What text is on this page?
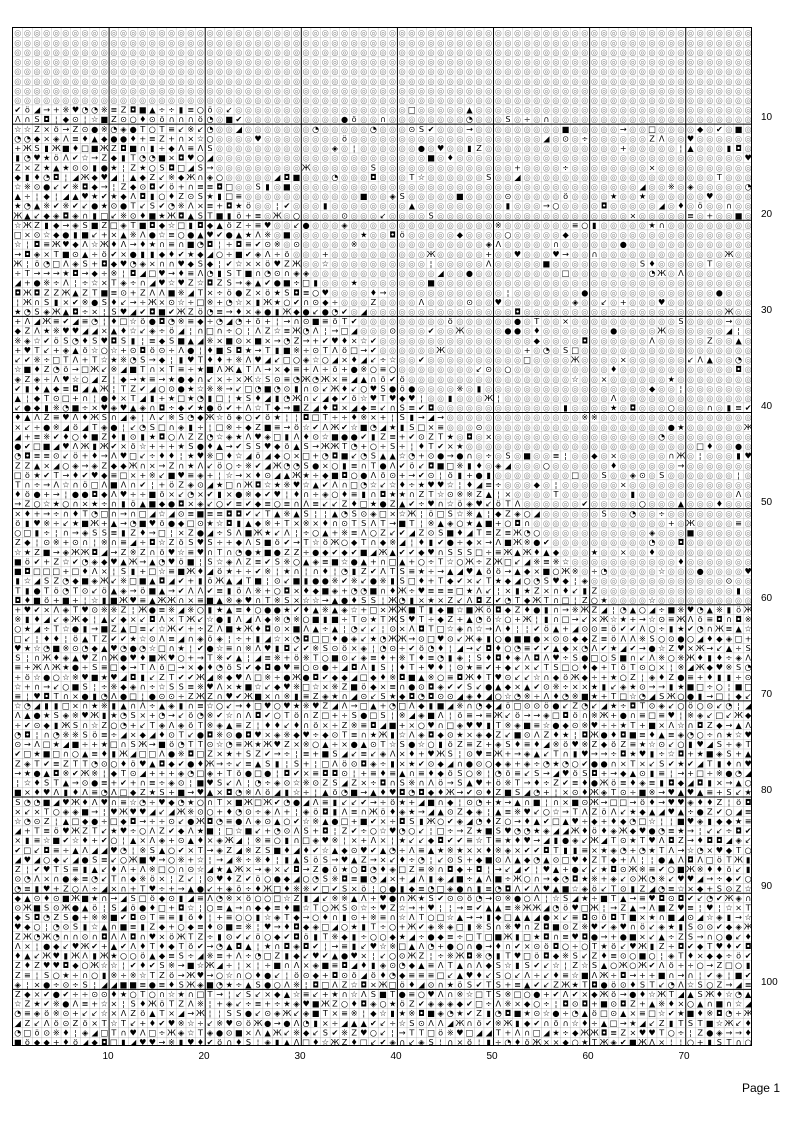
◎ ◎ ◎ ◎ ◎ ◎ ◎ ◎ ◎ ◎ ◎ ◎ ◎ ◎ ◎ ◎ ◎ ◎ ◎ ◎ ◎ ◎ ◎ ◎ ◎ ◎ ◎ ◎ ◎ ◎ ◎ ◎ ◎ ◎ ◎ ◎ ◎ ◎ ◎ ◎ ◎ ◎ ◎ ◎ ◎ ◎ ◎ ◎ ◎ ◎ ◎ ◎ ◎ ◎ ◎ ◎ ◎ ◎ ◎ ◎ ◎ ◎ ◎ ◎ ◎ ◎ ◎ ◎ ◎ ◎ ◎ ◎ ◎ ◎ ◎ ◎ ◎
◎ ◎ ◎ ◎ ◎ ◎ ◎ ◎ ◎ ◎ ◎ ◎ ◎ ◎ ◎ ◎ ◎ ◎ ◎ ◎ ◎ ◎ ◎ ◎ ◎ ◎ ◎ ◎ ◎ ◎ ◎ ◎ ◎ ◎ ◎ ◎ ◎ ◎ ◎ ◎ ◎ ◎ ◎ ◎ ◎ ◎ ◎ ◎ ◎ ◎ ◎ ◎ ◎ ◎ ◎ ◎ ◎ ◎ ◎ ◎ ◎ ◎ ◎ ◎ ◎ ◎ ◎ ◎ ◎ ◎ ◎ ◎ ◎ ◎ ◎ ◎ ◎
◎ ◎ ◎ ◎ ◎ ◎ ◎ ◎ ◎ ◎ ◎ ◎ ◎ ◎ ◎ ◎ ◎ ◎ ◎ ◎ ◎ ◎ ◎ ◎ ◎ ◎ ◎ ◎ ◎ ◎ ◎ ◎ ◎ ◎ ◎ ◎ ◎ ◎ ◎ ◎ ◎ ◎ ◎ ◎ ◎ ◎ ◎ ◎ ◎ ◎ ◎ ◎ ◎ ◎ ◎ ◎ ◎ ◎ ◎ ◎ ◎ ◎ ◎ ◎ ◎ ◎ ◎ ◎ ◎ ◎ ◎ ◎ ◎ ◎ ◎ ◎ ◎
◎ ◎ ◎ ◎ ◎ ◎ ◎ ◎ ◎ ◎ ◎ ◎ ◎ ◎ ◎ ◎ ◎ ◎ ◎ ◎ ◎ ◎ ◎ ◎ ◎ ◎ ◎ ◎ ◎ ◎ ◎ ◎ ◎ ◎ ◎ ◎ ◎ ◎ ◎ ◎ ◎ ◎ ◎ ◎ ◎ ◎ ◎ ◎ ◎ ◎ ◎ ◎ ◎ ◎ ◎ ◎ ◎ ◎ ◎ ◎ ◎ ◎ ◎ ◎ ◎ ◎ ◎ ◎ ◎ ◎ ◎ ◎ ◎ ◎ ◎ ◎ ◎
◎ ◎ ◎ ◎ ◎ ◎ ◎ ◎ ◎ ◎ ◎ ◎ ◎ ◎ ◎ ◎ ◎ ◎ ◎ ◎ ◎ ◎ ◎ ◎ ◎ ◎ ◎ ◎ ◎ ◎ ◎ ◎ ◎ ◎ ◎ ◎ ◎ ◎ ◎ ◎ ◎ ◎ ◎ ◎ ◎ ◎ ◎ ◎ ◎ ◎ ◎ ◎ ◎ ◎ ◎ ◎ ◎ ◎ ◎ ◎ ◎ ◎ ◎ ◎ ◎ ◎ ◎ ◎ ◎ ◎ ◎ ◎ ◎ ◎ ◎ ◎ ◎
◎ ◎ ◎ ◎ ◎ ◎ ◎ ◎ ◎ ◎ ◎ ◎ ◎ ◎ ◎ ◎ ◎ ◎ ◎ ◎ ◎ ◎ ◎ ◎ ◎ ◎ ◎ ◎ ◎ ◎ ◎ ◎ ◎ ◎ ◎ ◎ ◎ ◎ ◎ ◎ ◎ ◎ ◎ ◎ ◎ ◎ ◎ ◎ ◎ ◎ ◎ ◎ ◎ ◎ ◎ ◎ ◎ ◎ ◎ ◎ ◎ ◎ ◎ ◎ ◎ ◎ ◎ ◎ ◎ ◎ ◎ ◎ ◎ ◎ ◎ ◎ ◎
◎ ◎ ◎ ◎ ◎ ◎ ◎ ◎ ◎ ◎ ◎ ◎ ◎ ◎ ◎ ◎ ◎ ◎ ◎ ◎ ◎ ◎ ◎ ◎ ◎ ◎ ◎ ◎ ◎ ◎ ◎ ◎ ◎ ◎ ◎ ◎ ◎ ◎ ◎ ◎ ◎ ◎ ◎ ◎ ◎ ◎ ◎ ◎ ◎ ◎ ◎ ◎ ◎ ◎ ◎ ◎ ◎ ◎ ◎ ◎ ◎ ◎ ◎ ◎ ◎ ◎ ◎ ◎ ◎ ◎ ◎ ◎ ◎ ◎ ◎ ◎ ◎
◎ ◎ ◎ ◎ ◎ ◎ ◎ ◎ ◎ ◎ ◎ ◎ ◎ ◎ ◎ ◎ ◎ ◎ ◎ ◎ ◎ ◎ ◎ ◎ ◎ ◎ ◎ ◎ ◎ ◎ ◎ ◎ ◎ ◎ ◎ ◎ ◎ ◎ ◎ ◎ ◎ ◎ ◎ ◎ ◎ ◎ ◎ ◎ ◎ ◎ ◎ ◎ ◎ ◎ ◎ ◎ ◎ ◎ ◎ ◎ ◎ ◎ ◎ ◎ ◎ ◎ ◎ ◎ ◎ ◎ ◎ ◎ ◎ ◎ ◎ ◎ ◎
✔ ö ◢ → + ※ ♥ ◔ ◔ ※ ≡ Z ◘ ■ ▲ ÷ ÷ ▮ ≡ ○ ö ◎ ↙ ◎ ◎ ◎ ◎ ◎ ◎ ◎ ◎ ◎ ◎ ◎ ◎ ◎ ◎ ◎ ◎ ◎ ◎ □ ◎ ◎ ◎ ◎ ◎ ▲ ◎ ◎ ◎ ◎ ◎ ◎ ◎ ◎ ◎ ◎ ◎ ◎ ◎ ◎ ◎ ◎ ◎ ◎ ◎ ◎ ◎ ◎ ◎ ◎ ◎ ◎ ◎ ◎ ◎
Λ ∩ S ◘ ¦ ◆ ⊙ ¦ ☆ ■ Z ⊙ ○ ♦ ⊙ ö ∩ ∩ ∩ ö ◔ ◎ ■ ✔ ◎ ◎ ◎ ◎ ◎ ◎ ◎ ◎ ◎ ◎ ● ö ◎ ◎ ∩ ◎ ◎ ◎ ◎ ◎ ◎ ◎ ◎ ◔ ◎ ◎ ◎ S ◎ ÷ ◎ ∩ ◎ ◎ ◎ ◎ ◎ ◎ ◎ ◎ ◎ ◎ ◎ ◎ ◎ ◎ ◎ ◎ ◎ ◎ ◎ ◎ ◎
☆ ☆ Z × ö → Z ⊙ ● ※ ◔ ◈ ● T ○ T ≡ ↙ ※ ↙ ◔ ◎ ◎ ◢ ◎ ◎ ◎ ◎ ◎ ◎ ◎ ◔ ◎ ◎ ◎ ◎ ◎ ◔ ◎ ◎ ◎ ⊙ S ✔ ◎ ◎ ◎ → ◎ ◎ ◎ ◎ ◎ ◎ ◎ ◎ ◎ ■ ◎ ◎ ◎ ◎ ◎ → ◎ ◎ □ ◎ ◎ ◎ ◎ ◆ ◎ ✔ ◎ ■ ◎
◔ ◔ ◆ × ◈ Λ ≡ ♦ ▲ ◆ ● ● ♦ + ≡ Z + ∩ × ☆ ○ ◎ ◎ ◎ ◎ ♥ ◎ ◎ ◎ ◎ ◎ ◎ ◎ ◎ ö ◎ ◎ ◎ ◎ ◎ ◎ ◎ ◎ ◎ ◎ ◎ ◎ ◎ ◎ ◎ ◎ ◎ ◎ ◎ ◎ ◢ ◎ ⊙ ◎ ÷ ◎ ◎ ◎ ◎ ◎ ◎ Z Λ ◎ ◎ ♥ ◎ ◎ ◎ ◎ ◎ ◎
+ Ж S ▮ Ж ■ ♦ □ ■ Ж Z ◘ ■ ∩ ▮ ÷ ◆ Λ ≡ Λ S ◎ ◎ ◎ ◎ ◎ ◎ ◎ ◎ ◎ ◎ ◎ ◎ ◈ ◎ ¦ ◎ ◎ ◎ ◎ ◎ ◎ ● ◎ ♥ ◎ ◎ ▮ Z ◎ ◎ ◎ ◎ ◎ ◎ ◎ ◎ ◎ ◎ ◎ ◎ ◎ ◎ + ◎ ◎ ◎ ◎ ◎ ¦ ▲ ◎ ◎ ◎ ▮ ◘ ◎
▮ ◔ ♥ ★ ö Λ ✔ ☆ → Z ◆ ▮ T ◔ ◔ ■ × ◘ ♥ ○ ◢ ◎ ◎ ◎ ◎ ◎ ◎ ◎ ◎ ◎ ◎ ◎ ◎ ◎ ◎ ◎ ◎ ◎ ◎ ◎ ◎ ◎ ◎ ■ ◎ ♦ ◎ ◎ ◎ ◎ ◎ ◎ ◎ ◎ ◎ ◎ ◎ ◎ ◎ ◎ ◎ ◎ ◎ ◎ ◎ ◎ ◎ ◎ ◎ ◎ ◎ ◎ ◎ ◎ ◎ ◎ ♥
Z × Z ★ ▲ ★ ⊙ ⊙ ▮ ● ★ ¦ Z ★ ○ S ◘ □ ◢ S → ◎ ◎ ◎ ◎ ◎ ◎ ◎ ◎ ◎ Ж ◎ ◎ ◎ ◎ ◎ ◎ S ◎ ◎ ◎ ◎ ◎ ◎ ◎ ◎ ◎ ◎ ◎ ◎ ◎ ◎ + ◎ ◎ ◎ ◎ ÷ ◎ ◎ ◎ ◎ ◎ ◎ ◎ ◎ × ◎ ◎ ◎ ◎ ◎ ◎ ◎ ◎ ◎ ◎
◆ ▮ ♦ ◔ ◘ ¦ ◢ Ж ◆ ♥ ◢ ¦ ▲ ◆ Z ↙ ※ ◆ Ж ∩ ◈ ○ ◎ ◎ ◎ ◎ ◎ ◢ ◘ ■ ◎ ◎ ◎ ◔ ◎ ◎ ◎ ◘ ◎ ◎ ◎ T ☆ ◎ ◎ ◎ ◎ ◎ ◎ S ◎ ◎ ◢ ◎ ◎ ◎ ◎ ◎ ◎ ◎ ◎ ◎ ◎ ◎ ◎ ◎ ◎ ◎ ◎ ◎ ◎ ◎ ◎ T ◎ ◎ ◎
☆ ※ ⊙ ● ↙ ✔ ※ ◘ ◆ → ¦ Z ◆ ⊙ ◘ ✔ ö + ∩ ≡ ≡ ◘ □ ◎ ◎ S ▮ ◎ ■ ◎ ◎ ◎ ◎ ◎ ◎ ◎ ◎ ◎ ◎ ◎ ◎ ◎ ◎ ◎ ◎ ◎ ◎ ◎ ◎ ◎ ◎ ◎ ◎ ◎ ◎ ◎ ◎ ◎ ◎ ◎ ◎ ◎ ◎ ◎ ◎ ◢ ◎ ◎ ※ ◎ ◈ ◎ ◎ ◎ ◎ ◎ ◔
▲ ÷ ¦ ◆ ¦ ◢ ▲ ♥ ★ ✔ ★ ◆ Λ ◘ ▮ ○ ♦ Z ⊙ S ★ ▮ □ ≡ ◎ ◎ ◎ ◎ ◎ ◎ ◎ ◎ ◎ ◎ ◎ ◎ ■ ◎ ◎ ◈ S ◎ ◎ ◎ ◎ ◎ ■ ◎ ◎ ◎ ◎ ⊙ ◎ ◎ ◎ ◎ ◎ ö ◎ ◎ ◎ ◎ ★ ◎ ◎ ★ ◎ ◎ ◎ ◎ ◎ ◎ ♥ ◎ ◎ ◎ ◎
★ ◔ ▲ ※ ✔ ※ ✔ ↙ ● ★ ⊙ ● T ↙ S ✔ ◔ ※ Λ × ≡ + ◘ ★ ö ◎ ◎ ¦ ✔ ◎ ◎ ◎ ▮ ◎ ◎ ◎ ◎ ◎ ◎ ◎ ◎ ▲ ◎ ◎ ◎ ◎ ◎ ◎ ◎ ◎ ◎ ▮ ◎ ◎ ◎ → ○ ◎ ◎ ◎ ◎ ◘ ◎ ◎ ◎ ◎ ◎ ◢ ◎ ♦ ◎ ö ◎ ◎ ∩ ◎ ◎
Ж ▲ ↙ ◆ ◈ ◘ ◈ ∩ ▮ □ ↙ ※ ⊙ ♦ ■ ★ Ж ◘ ▲ S T ■ ▮ ö + ≡ ◎ Ж ◎ ○ ◎ ◎ ◎ ◎ ⊙ ◎ ◎ ◎ ↙ ◎ ◎ ◎ ◎ S ◎ ◎ ◎ ◎ ◎ ◎ ◎ ◎ ◎ ◎ ◎ ◎ ◎ ◎ ◎ ◎ ◎ ◎ ◎ ◎ × ◎ ◎ ◎ ◎ ◎ ≡ ◎ + ◎ ◎ ■ ◎
☆ Ж Z ▮ ◆ → ◈ S ■ Z □ ◈ T ■ ◘ ◆ ☆ □ ▮ ◘ ◆ ▲ ö Z ÷ ≡ ♥ ◎ ◎ ↙ ● ◎ ◎ ◎ ◈ ◎ ◎ ◎ ◎ ◎ ◎ ◎ ◎ ◎ ◎ ◎ ◎ ◎ ◎ ◎ ※ ◎ ◎ ◎ ◎ ◎ ◎ ◎ ≡ ○ ▮ ◎ ◎ ◎ ◎ ◎ ★ ∩ ◎ ◎ ◎ ◎ ◎ ◎ ◎ ◎ ◎
□ × ⊙ ☆ ◆ ● ▮ ■ ↙ + × ▲ ※ Λ ● ☆ ≡ ○ ● ▲ ♥ ✔ ● ▲ ★ Λ ※ ◎ ■ ◎ ◎ ◎ ◎ ◎ ◎ ◎ ★ ◎ ◎ ◘ ö ◎ ◎ ◎ ◎ ◎ ◆ ◎ ◎ ◎ ◎ ○ ◎ ◎ ◎ ◎ ◎ ◆ ◎ ◎ ◎ ◎ ◎ ◎ ◎ ◎ ◎ ◎ ◎ ◎ ◎ ◎ ◎ ◎ ◎ ◎ ◎
☆ ¦ ◘ ≡ Ж ♥ ◆ Λ ☆ Ж ♦ Λ → ♦ ★ ∩ ≡ ∩ ■ ◔ ◘ ¦ ÷ ◘ ≡ ✔ ⊙ ※ ◎ ⊙ ◎ ◎ ◎ ◎ ◎ ※ ◎ ◎ ◎ ◎ ◎ ◎ ◎ ◎ ◎ ◎ ◎ ◎ ◎ ◈ Λ ◎ ◎ ◎ ◎ ◎ ∩ ◎ ◎ ◎ ◎ ◎ ◎ ● ◎ ◎ ◎ ◎ ◎ ◎ ◎ ◎ ◎ ◎ ◎ ◎ ◎
→ ◘ ◈ × T ■ ⊙ ▲ ÷ ö ✔ × ● ▮ ▮ ◆ ♦ ✔ ★ ◆ ◢ ○ ÷ ■ ✔ ◈ Λ ÷ ö ◎ ◎ ◎ + ◎ ◎ ◎ ◎ ◎ ◎ ◎ ◎ ◎ ◎ Ж ◎ ◎ ◎ ◎ ◎ + ◎ ◎ ♥ ◎ ◎ ◎ ♥ → ◎ ◎ ∩ ◎ ◎ ◎ ◎ ◎ ◎ ◎ ◎ ◎ ◎ ◎ ◎ ◎ Ж ◎ ◎
Ж ¦ ö ◔ □ Λ ◈ S + ◘ ◆ ♥ ◔ ◈ × ∩ ∩ ♥ ◆ S ◆ ¦ ✔ ☆ × × ö ♥ Z Ж ◎ ◎ ☆ ◎ ◎ ◎ ◎ ◎ ◎ ◎ ◎ ◎ ◎ ¦ ◎ ◎ ◎ ◎ ◎ Λ ◎ ◎ ◎ ◎ ◎ ■ ◎ ◎ ◎ ◎ ◎ ◎ ◎ ◎ ◎ S ♦ ◎ ◎ ◎ ◎ ◎ T ◎ ◎ ◎ ◎
÷ T → → → ★ ◘ → ◆ ÷ ※ ¦ ◘ ◢ □ ♥ → ♦ ≡ Λ ◔ ▮ S T ■ ∩ ◔ ⊙ ∩ ◈ ◈ ◎ ◎ ◎ ◎ ◎ ◎ ◎ ◎ ◎ ◎ ◎ ◎ ◎ ◢ ◎ ◎ ● ◎ ◎ ◎ ◎ ◎ ◎ ◎ ◎ ◎ □ ◎ ◎ ◎ ◎ ◎ ◎ ◎ ◎ ◔ Ж ◎ Λ ◎ ◎ ◎ ◎ ◎ ◎ ◎
◢ + ● ※ ÷ Λ ¦ ÷ ☆ × T ◈ ÷ ∩ ◢ ♥ ☆ ♥ Z ☆ ◘ Z S → ◈ ▲ ✔ ● ■ ÷ □ ▮ ◎ ◎ ◎ ★ ◎ ◎ ◎ ◎ ◎ ◎ ◎ ■ ◎ ◎ ◎ ◎ ◎ ◎ ◎ ◎ ◎ ◎ ◎ ◎ ◎ ◎ ◎ ◎ ◎ ◎ ◎ ◎ ◎ ◎ ◎ ◎ ◎ ◎ ◎ ◎ ◎ ◎ ◎ ◎ ◎
◘ Ж ◘ Z Z Ж ▲ Z T ■ ≡ ⊙ + Z Λ Λ ■ ※ ◢ T × ÷ ö ● Z × ö ★ S ◘ ≡ ○ ♥ ◎ ◎ ◎ ◎ ♦ → ◎ ◎ ◎ ◎ ◎ ◎ ◎ ◎ ◎ ◎ ◎ ◎ ¦ ◎ ◎ ◎ ◎ ◎ ◎ ◎ ● ◎ ◎ ◎ ◎ ◎ ◎ ◎ ◎ ◎ ◎ ◎ ◎ ◎ ● ◎ ◎ ◎
¦ Ж ∩ S ▮ × ✔ ※ ● S ♦ ↙ → ÷ Ж × ⊙ ☆ ÷ □ ※ + ◔ ☆ × ▮ Ж ★ ○ ✔ ∩ ⊙ ◆ ÷ ◎ ◎ ◎ Z ◎ ◎ ◎ ◎ Λ ◎ ◎ ◎ ◎ ⊙ ◎ ◎ ♥ ◎ ◎ ◎ ◎ ◎ ◎ ◎ ◈ ◎ ◎ ↙ ◎ + ◎ ◎ ◎ ♥ ◎ ◎ ◎ ◎ ◎ ◎ ◎ ◎ ◎
★ ◔ S ◈ Ж ▲ ◘ ÷ × ¦ S ♥ ◢ ✔ ◘ ■ ✔ Ж Z ö ◔ ≡ → ♦ × ◈ ● ▮ Ж ◆ ● ↙ ● ◔ ✔ ◎ ◢ ◎ ◎ ◎ ◎ ◎ ◎ ◎ ◎ ◎ ◎ ◎ ◎ ◎ ◎ ◎ ◘ ◎ ◎ ◎ ◎ ◎ ◎ ◎ ◎ ◎ ◎ ◎ ◎ ◎ ◎ ◎ ◎ ◎ ◎ ◎ ◎ ◎ Ж ◎ ◎
+ Λ ◢ Ж ≡ ✔ ◢ ≡ ◔ ¦ ♦ □ ☆ ö ● ◘ ◔ ※ ≡ ◆ ÷ ◔ ◢ ◔ + ö + ¦ → ∩ ⊙ ■ ≡ ö T ✔ ◎ ◎ ◎ ◎ ◎ ◎ ◎ ◎ ◎ ö ◎ ◎ ◎ ◎ ◎ ◎ ● ◎ T ◎ ◎ × ◎ ◎ ◎ ◎ ◎ ◎ ◎ ◎ ◎ ◎ ◎ S ◎ ◎ ◎ ◎ → ◎ ◎
◆ Z Λ ★ ※ ♥ ♥ ◢ ◢ × ▲ ♦ ☆ ↙ ◈ ÷ ö ◢ ¦ ∩ □ ∩ ÷ ○ ¦ Λ Z ☆ ≡ Ж ◔ Λ ¦ → □ ◢ ◎ ◎ ◎ ⊙ ◎ ◎ ◎ ✔ ◎ ◎ Ж ◎ ◎ ◎ ◎ ● ● ◎ ♦ ◎ ◎ ◎ ◎ ◎ ◎ ◎ ● ◎ ◎ ◎ ◎ Ж ◎ ◎ ◎ ◎ ◎ ◎ ◢ ¦ ◎
※ ◈ ☆ ✔ ö S ◔ ♦ S ♥ ◘ S ▮ ¦ ≡ ◆ S ■ ▲ ◢ ※ × ■ ⊙ × ■ × → ◔ Z → + ✔ ♥ ♦ × ☆ ✔ ◎ ◎ ◎ ◎ ◎ ◎ ◎ ◎ ◎ ◎ ◎ ◎ ◎ ◎ ◎ ◎ ◆ ◎ ◎ ◎ ◎ ◘ ◎ ◎ ◎ ◎ ◎ ◎ Λ ◎ ◎ ◎ ◎ ◎ Z ◎ ◎ ▲ ◎
+ ♥ T ↙ + ◈ ▲ ö ☆ ○ ☆ + ⊙ ◘ ö ⊙ ÷ Λ ● ¦ ♦ ■ S ◘ ★ → T ▮ ■ ※ ÷ ⊙ T Λ ö □ → ✔ ◎ ◎ ◎ ◎ ◎ ◎ Ж ◎ ◎ ◎ ◎ ◎ ◎ ◎ ◎ + ◎ ◔ ◎ S □ ◎ ◎ ◎ ◎ ◎ ◎ ◎ ◎ ◎ ◎ ◎ ◎ ◎ ◎ ◎ ◎ ◎ ◎
↙ ✔ ※ ÷ □ T Λ + T ☆ ★ ※ ◔ S → ◆ ¦ ▮ ♥ T ♦ ♦ + ※ Λ ♥ ◢ ↙ □ ○ ◈ ☆ ○ ◢ × ♦ ◢ ↙ ÷ ☆ ◎ ◎ ✔ ◎ ◎ ◎ ◎ ◎ ◎ ◎ ◎ ◎ ◎ □ ◎ ◎ ◎ ◎ Ж ◎ ◎ ◎ ◎ × ◎ ◎ ◎ ◎ ◎ ◎ ↙ Λ ▲ ◎ ◎ ◔ ◎
☆ ■ ♦ Z ◔ ö → □ Ж ↙ ※ ◢ ■ T ∩ × T ≡ ÷ ★ ■ Λ Ж ▲ T Λ → × ◆ ≡ + Λ ÷ ö + ● ※ ○ ≡ ○ ◎ ◎ ◎ ◎ ◎ ◎ ◎ ◎ ↙ ⊙ ◎ ○ ◎ ◎ ◎ ◎ ◎ ◎ ◎ ◎ ◎ ◎ ♦ ◎ ◎ ◎ ◎ ◎ ◎ ◎ ◎ ◎ ◎ ◎ ◎ ◘ ◎
◈ Z ◈ ÷ Λ ♥ ☆ ○ ◢ Z ¦ ◆ → ★ ≡ → ★ ● ◆ ∩ ↙ × ÷ × Ж ☆ S ⊙ ≡ ◔ Ж ◔ Ж × ≡ ◢ ▲ ∩ ö ✔ ö ◎ ◎ ◎ ◎ ◎ ◎ ◎ ◎ ◎ ◎ ◎ ◎ ◎ ◎ ◎ ◎ ◎ ☆ ◎ ◎ × ◎ ◎ ◎ ◎ ◎ ◎ ★ ◎ ◎ ◎ ◎ ◎ ◎ ◎ ◎
✔ ▮ ♦ ▲ ◆ ≡ ◘ ◢ ▲ Ж ¦ T Z ✔ ◢ ○ ⊙ ● ★ ☆ ※ ※ → ↙ □ ◔ ■ ◔ ⊙ ▮ ∩ ⊙ ↙ Ж ♦ ↙ ○ ♥ S ● ö ● ◎ ◎ ◎ ◎ ※ ◎ ▮ ◎ ◎ ◎ ◎ ◎ ◎ ◎ ◎ ◎ ◎ ◎ ◎ ◎ ◎ ◎ ◎ ◎ ◆ ◎ ◎ ¦ ◎ ◎ ◎ ◎ ◎ ◎ ◎
▲ ¦ ◆ T ⊙ □ + ∩ ¦ ● ♦ × T ◢ ▮ + ★ □ ★ ◔ ▮ □ ¦ ★ S ♦ ◢ ▮ ◔ Ж ∩ ↙ ◢ ◆ ✔ ö ☆ ♥ T ♥ ◆ ♥ ¦ ◎ ◎ ▮ ◎ ◎ ◎ Ж ¦ ◎ ◎ ◎ ◎ ◎ ◎ ◎ ◎ ◎ ◎ ◎ Λ ◎ ◎ ◎ ◎ ◎ ◎ ◎ ◎ ◎ ◎ ◎ ◎ ◎ ◎
↙ ● ◆ ▮ ※ ◔ ■ ÷ × ♥ ◈ ♥ ▲ ◈ ∩ ◘ ÷ ◆ ✔ ★ ● ö ✔ + Λ ☆ T ◆ → ■ Z ◢ ♦ ◘ × ◢ ◆ ≡ ↙ ∩ S ≡ ✔ ◘ ◎ ◎ ◎ ◎ ◎ ◎ ◎ ◎ ◎ ◎ ◎ ◎ ◎ ▮ ◎ ◎ ◎ ◎ ★ ◎ ◘ ◎ ◎ ◎ ○ ◎ ◎ ◎ ∩ ◎ ▮ ≡ ✔
♦ ▲ Λ Z ≡ ♥ Λ ♦ Ж S ∩ ◢ ◈ ¦ Λ ↙ ※ S ◔ ◆ Ж ☆ ö ◈ ○ ✔ ö ★ ¦ ¦ ◘ □ T ÷ ÷ ♦ ※ × + ¦ S ▮ → ◢ → ◎ ◎ ◎ ◎ ◎ ◎ ◎ ◎ ◎ ◎ ◎ ◎ ◎ ◎ ※ ※ ◎ ◎ ◎ ◎ ◎ ◎ ◎ ◎ ◎ ◎ ◎ ◎ ◎ ◎ ◎ ◎
× ↙ ÷ ● ※ ◢ ö ◢ T ◈ ● ¦ ↙ ◔ S □ ∩ ◈ ▮ ÷ ¦ □ ※ ÷ ◆ Z ■ ≡ → ö ☆ ✔ Λ Ж ✔ ☆ ■ ◔ ◢ ★ ▮ S □ × ≡ ◎ ◎ ◎ ⊙ ◎ ◎ ◎ ◎ ◎ ◎ ◎ ◎ ◎ ◎ ◎ ◎ ◎ ◎ ◎ ◎ ◎ ◎ ◎ ● ★ ◎ ◎ ◎ ◎ ◎ ◎ Ж
◢ + ≡ ※ ✔ ♦ ○ ♦ ■ Z ♦ ▮ ⊙ ▮ ★ ◘ ○ Λ Z Z ◔ ☆ ◈ ★ Λ ♥ ◈ □ ▮ Λ ♦ ⊙ ☆ ■ ● ● ✔ ▮ Z ≡ + ✔ ⊙ Z T ★ ◎ ◘ ◎ × ◎ ◎ ◎ ◎ ◎ ◎ ◎ ◎ ◎ ◎ ◎ ◎ ◎ ◎ ◎ ◎ ◎ ◔ ◎ ◎ ◎ ◎ ◎ ◎ ◎ ◎ ◎
● ✔ □ ■ ◢ ♥ Λ Ж ▮ Ж ✔ × ö ☆ + ÷ + ★ S ● ♦ ▲ → ✔ S S ♥ ◆ ö ▲ S → Ж Ж T ◔ + ○ ÷ S ÷ ¦ ♦ T ✔ × ★ ◎ ◎ ◎ ◎ ◎ ◎ ◎ ◎ ◎ ◎ ◎ ◎ ◎ ◎ ◎ ◎ ◎ ◎ ◎ ◎ ◎ ◎ ◎ ◎ □ ♦ ◎ ◎ ● ◎
◔ ◘ ≡ ≡ ⊙ ↙ ö + ♦ → Λ ♥ □ ↙ ÷ ♦ ♦ ¦ ★ ♥ ※ □ ♦ ☆ ◢ ö ◢ ◆ ○ × □ + ◔ ◘ ■ ↙ ◔ S ▲ ▲ ☆ ◔ + ⊙ ● → ● ∩ ◎ ÷ ◎ S ◎ ■ ◎ ◎ ≡ ¦ ◎ ◎ ◆ ◎ × ◎ ◎ ◎ ◎ ◎ ∩ Ж ◎ ¦ ◎ ◎ ◎ ▮ ♥
Z Z ▲ × ◢ ○ ◈ → ◈ Z ◆ ◆ Ж ∩ × → Z ∩ ★ Λ ↙ ö ○ ÷ ※ ✔ ◢ Ж ◔ ◔ S ● × ○ ▮ ≡ ∩ T ● Λ ✔ ö ↙ ◘ ■ □ ※ ▮ ♦ ◎ ◈ ◢ ◎ ◎ ◎ ○ ◎ ◎ ◎ ◎ ◎ ◎ ♦ ◎ ◎ ◎ ◎ ◎ ◎ → ◎ ◎ ◎ ◎ ◎ ◎ ◎
□ ö ★ ✔ T → ♦ ✔ ♥ ◆ ≡ □ × + ※ ↙ ■ ♥ ≡ ◈ + ¦ ☆ → × ♦ ⊙ ◢ ▲ Ж ★ ÷ ◆ ■ ◘ ○ ● Λ ö ⊙ + → ✔ ⊙ ¦ ö ▮ + ● ▮ ◎ ◎ ◎ ◎ ◎ ◎ ◎ ◎ □ ◎ ◎ S ◎ ◎ ◈ ⊙ ◎ S ◎ ◎ ◎ ◎ ◎ ◎ ◎ ¦ ◎
T ∩ ÷ → Λ ☆ ∩ ö □ Λ ■ Λ ∩ ✔ ¦ + ö Z ◈ ⊙ ◢ ★ □ ∩ Ж ◘ ☆ ★ ※ ♥ ☆ ▲ ✔ Λ ∩ □ ◔ ☆ ↙ ☆ ♦ ÷ ★ ♥ ♥ ☆ ¦ ♦ ◢ ≡ ÷ ◎ ◎ ◎ ◆ ◎ ¦ ◎ ◎ ◎ ◎ ◎ ◎ × ◎ ◎ ◎ ◎ ◎ ◎ ◎ ◎ ◎ ◎ ◎ ◎ ◎
♦ ö ● + → ¦ ● ● ◘ ◆ Λ ♥ ÷ ÷ ■ ö × ↙ ◔ × ✔ ▮ × ● ※ ◆ ✔ ♥ ¦ ♦ ∩ ÷ ◈ ○ ♦ ≡ ▮ ∩ ◘ ★ ★ ∩ Z T ☆ ⊙ ※ ※ Z ▲ ¦ × ◎ ◎ ◎ ◎ T ◎ ◎ ◎ ◎ ◎ ◎ ◎ ▮ ◎ ◎ ◎ ◎ ◎ ◎ ◎ ◎ ◎ ◎ Λ ◎
→ Z ○ ☆ ★ ○ ∩ × ★ ÷ ∩ ▮ ö ▲ ■ ◆ ● ◘ × ◈ ↙ ○ ✔ ≡ ✔ ◆ ≡ ○ ≡ ∩ Λ ≡ ↙ ↙ Z ♦ □ ★ ● Z ▲ ✔ ÷ ♥ ∩ ☆ ö ◈ ♥ ↙ ö T Λ ◎ ◎ ◎ ◎ ◎ ◎ ✔ ◎ ◎ ◎ ◎ ◎ ○ ◎ ◎ ◎ ▲ ◎ ◎ ◎ ♦ ◎ ◎ ◎
× ♦ + → ÷ ∩ ♦ T ◔ □ ∩ → ∩ □ ◢ ☆ ◢ ⊙ ≡ ■ ≡ ≡ ◘ ◘ ✔ ↙ T ▲ ※ ▲ S ¦ ¦ ▲ ◔ S ⊙ ◈ □ × ☆ Ж ¦ ö □ S ☆ ※ ▲ ¦ ◆ Z ◈ ○ ◢ ◎ ◎ ◎ ◎ ◎ ◎ S ◎ ◎ ◔ ◎ ◎ ÷ ◎ ◎ ◎ ◎ ◎ ◎ ◎ ◎ ◎
ö ▮ ♥ ※ ÷ ↙ ★ ■ Ж + ▲ → ◔ ■ ♥ ö ● ◆ □ ⊙ ★ ☆ ◘ ▮ ▲ ◆ ※ + T × ※ × ♦ ∩ ⊙ T S Λ T → ■ T ¦ ※ ▲ ◈ ○ ★ ▲ ■ + ○ ◘ ∩ ◎ ◎ ◎ ◎ ◎ ◎ ◎ ◎ ◎ ◎ ◎ ◎ ◎ ◎ + ◎ Ж ◎ ◎ ◎ ◎ ≡ ◎
○ □ ▮ ÷ ¦ ∩ → ◈ S S ≡ ▮ Z ♦ → □ ¦ × Z ● ◢ ÷ S Λ ■ Ж ★ ↙ Λ ¦ ÷ ○ ▲ + ※ ≡ Λ ○ Z ↙ ✔ ◢ Z ⊙ S ■ ♦ ◢ T ≡ Z ≡ Ж ◔ ○ ◎ ◎ ◎ ◎ ◎ ◎ ◎ ◎ ◎ ◎ ◎ ◈ ◎ ◎ ◎ ■ ◎ ◎ ◎ ◎ ◎ ◎
Z ◆ ¦ ⊙ ※ + ⊙ ∩ ¦ ※ ∩ ≡ ◢ ÷ ◘ ☆ Z ö S ♥ S ÷ + ◆ Λ S ■ ö ✔ → T ☆ ö Ж ○ ◆ T ∩ ◆ ※ ◢ ¦ ♦ ▮ ✔ ● ÷ ◆ × → Λ ■ Ж ※ ● ✔ ◎ ◎ ◎ ◎ ◎ ◎ ◎ ◎ ◎ ◎ ◔ ◎ ◎ ◘ ◎ ◎ ◎ ◎ ◎ ◎ ◎
☆ ★ Z ■ → ◈ Ж Ж ◘ ◢ → Z ※ Z ∩ ö ♥ ☆ ≡ ♥ ∩ T ∩ ◔ ● ★ ■ ● Z Z ÷ ● ◆ ✔ ◆ ✔ ■ ◢ Ж ▲ ✔ ✔ ◆ ♥ ∩ S S S □ ÷ ≡ Ж ▲ Ж ♦ ▲ ◆ ◎ ◎ ◎ ★ ◎ ◎ × ◎ ◎ ♦ ◎ ◎ ◎ ◎ ◎ ◎ ◎ ◎ ◎ ◎
■ ö ✔ + Z ☆ ✔ ◔ ◈ ◆ ♥ ▲ Ж → ▲ ◔ ♥ ö ■ ¦ S ☆ ◈ Λ Z ≡ ✔ S ※ ○ ▲ ◈ ≡ ■ ☆ ● ▲ + ∩ □ ▲ + ○ ÷ T ☆ ○ Ж ÷ Z Ж □ ↙ ◢ ※ ≡ ※ ☆ ◎ ◎ ◎ ◎ ◎ ◎ ◎ ◎ ◎ ◎ ◎ ♦ ◎ ◎ ◎ ◎ ◎ ◎ ◎
■ ◘ □ □ □ + □ ♦ Λ × ¦ S ▮ + □ ☆ ≡ ■ Ж ♦ ◢ ö ★ + ÷ ✔ ※ ¦ ★ ∩ ¦ ∩ ♦ ¦ ◔ ▮ Z ✔ Λ T S ≡ ★ ÷ → ▲ ◢ ♥ ▲ ö ö → ▲ ◆ × ■ ○ Ж ※ ◎ ÷ ◔ ◎ ◎ ◎ ◎ ◎ ☆ ◎ ◎ ◎ ● ◎ ◎ ◎ ◎ ♥
▮ ☆ ◢ S Z ◔ ◆ ■ ◈ Ж ↙ ※ □ ■ ▲ ◘ ◢ ✔ + ▮ ö Ж ▲ ◢ T ■ ¦ ⊙ ↙ ■ ▮ ● ● ※ ✔ ※ ↙ ● ※ ▮ S □ ♦ + T ◆ ✔ × ↙ T ★ ◆ ◢ ○ ◔ S ♥ ◆ ¦ ◈ ◎ ◎ ◎ ◎ ◎ ◎ ◎ ◎ ◎ ◎ ◎ ◎ ◎ ◎ ⊙ ◎ ◎
T ▮ ● T ö ◔ T ⊙ ↙ ö ▲ ◈ → ö ■ ▲ → ✔ Λ Λ ✔ ≡ ▮ ö Λ ※ + ○ ◘ × ♦ ◆ ■ ◈ + ◔ ◔ ■ ∩ ♦ Ж ÷ ♥ ≡ ≡ ≡ □ ★ Λ ↙ ¦ × ▮ ★ Z × ∩ ♦ ↙ ▮ Z ◎ ◎ ◎ ◎ ◎ ◎ ◎ ◎ ◎ ◎ ◎ ◎ ◎ ◎ ▮ ◎
◘ ♦ ■ ö + ■ + ¦ ☆ ▮ ■ Ж ♥ ≡ ▲ Ж Ж ∩ × ≡ ■ ▲ ※ ◈ ♥ ∩ T ※ S × ☆ ☆ → ▲ ● ♦ S S ¦ Ж ◔ ▮ × ★ × Z ↙ Λ ◘ Z ✔ ◔ T ◆ Ж T ∩ □ ¦ Z ○ ★ ◎ ◎ ◎ ◎ ☆ ◎ ◎ ◎ ◎ ◎ ◎ ◎ ◎ ◎ ◎
+ ♥ ✔ × Λ ◈ T ♥ ⊙ ※ ※ Z ¦ Ж ● ≡ ※ ◢ ※ ○ ▮ ★ ▲ ≡ ♦ ○ ● ● ★ ✔ ♦ ▲ ※ ▲ ◈ ☆ + □ × Ж Ж ■ T ▮ ◆ ■ ☆ ■ Ж ö ◘ ◆ Z ♦ ● ▮ ∩ → ※ Ж Z ◢ ¦ ◔ ▲ ○ ◢ ÷ ■ ※ ♥ ◔ ▲ ※ ▮ ö Ж
※ ▮ ♦ ◢ ↙ ◈ Ж ◆ ¦ ▲ ↙ ◆ × ↙ ◘ Λ × T Ж ↙ ☆ ● ▮ Λ ◢ Λ ◆ ※ ◔ ※ ○ ■ ▮ ■ ÷ T ⊙ ★ T Ж S ♥ T ÷ ◆ Z + ▲ ◔ ö ☆ ○ + Ж ¦ ▮ ∩ □ → ↙ × Ж ☆ ★ + → ☆ ⊙ ≡ Ж Λ ö ≡ ◘ ∩ ◘ ※
○ ★ ◢ ÷ T ☆ ● ▮ → ■ Z ▲ □ ≡ ↙ ☆ Ж ✔ + ÷ Z Λ ■ ★ Ж ♦ ◘ ⊙ × ■ Λ ▲ ÷ ▲ ¦ ◔ ↙ ↙ ¦ ⊙ × Λ ◘ T □ ☆ ◈ ∩ ☆ → Λ ♦ ¦ ¦ ✔ ö ▲ + ◢ ⊙ ⊙ ≡ ö ✔ ✔ Λ ○ ÷ ▮ ★ ✔ ◔ ∩ Ж ≡ ▲ ☆
□ ↙ ¦ ♦ ♦ ¦ ö ▲ T Z ✔ ✔ ★ ☆ ⊙ Λ ≡ ◢ ∩ ◈ ö ◈ ¦ ÷ + ▮ ◢ ☆ × ◔ ◘ □ □ ♦ ● ◈ ↙ ★ ◔ Ж Ж → ⊙ □ ♥ ⊙ ↙ Ж ◈ ▮ ○ ● ■ ■ ● × ⊙ ⊙ ◆ ◆ Z ≡ ö Λ Λ ※ S ○ ⊙ ● ○ ◢ ♦ ◆ ◈ □ +
♥ ★ ☆ ◔ ■ ※ ⊙ ◔ ◆ ▲ ♥ ◔ ● ◔ ☆ □ ∩ ★ ¦ ✔ ● ☆ ≡ ∩ ※ Λ ♥ ▮ ◘ ↙ ✔ ※ S ⊙ ö × ◈ ¦ ◔ ⊙ ÷ ✔ ö ◔ ♦ ¦ ◢ → ↙ ◘ ♦ ○ ◔ ≡ ✔ ✔ ▲ ◆ × ◔ Λ ✔ ★ ◢ ✔ → ● ☆ Z ♥ × Ж → ↙ ▲ ÷ S
S ¦ ∩ Ж ♦ ◈ ▲ ♥ Z ∩ Ж ● ♥ ♦ ■ Ж ♥ ○ + → T ※ ✔ ▲ ¦ ◢ ≡ ※ + ö ※ T ○ ■ ⊙ ↙ ◈ ≡ ♦ + ※ T ♦ ≡ ◔ ▮ ◈ ¦ S ♦ ◘ ♦ ◈ Λ ◘ Λ ♥ ÷ S ● □ ○ S ■ ∩ ↙ Λ ※ ○ ※ Ж ♦ ▮ ♦ ÷ ◈ Λ
≡ + Ж Λ Ж ★ ● ÷ S ≡ □ ◆ → T Λ ö □ → × ◆ ♦ ◔ ö S ✔ ◆ ◘ ● ♥ ≡ ○ ⊙ ● ÷ ◢ ◘ Λ ▮ S ¦ ♦ T + ♥ ♦ ¦ ⊙ ★ ≡ ✔ + ◆ ↙ × ↙ T S □ ○ ♦ ◆ + T ö T ⊙ ○ × ¦ ※ ◢ Ж ◆ ♥ ※ S ◔
÷ ö ☆ ● ○ ☆ ※ ♥ ■ ★ ♥ ◢ ◘ ▮ ↙ Z T ✔ ✔ Ж ◢ ※ ◆ ♥ Λ □ ※ ÷ ● Ж ● ◘ ✔ ◆ ◆ ◢ □ ◆ ♦ ※ ◘ ■ ▲ ※ ○ ≡ ◘ Ж ♦ T ♥ ⊙ ↙ ↙ ☆ ∩ ◆ ö Ж ◆ ÷ + ★ ○ Z ¦ ◈ ♦ Z ● ≡ + ♦ ▮ ▮ ÷ ⊙
☆ + ∩ → ↙ ○ ■ S ¦ ÷ ※ ◆ ◈ ∩ ÷ ☆ S S ≡ ※ ♥ Λ × ★ ■ ☆ ↙ ◆ ♥ ※ □ ☆ × ※ Z ■ ö ◆ × ≡ ∩ ● ⊙ ◘ ◈ ✔ ✔ S ↙ ● ▲ ◆ × ▲ ✔ ⊙ ※ ÷ × × ★ ▮ ↙ ◈ ★ ⊙ → → ▮ ★ ■ □ ÷ ○ ¦ ■ □
≡ ¦ ♥ ◘ T ∩ × ● ▮ ◔ Λ ● □ ¦ ● ⊙ ⊙ ÷ Z Ж Z ∩ ♥ ✔ Ж ■ × ∩ ※ ▮ ≡ Z ◈ ★ ∩ ◢ ⊙ ↙ S ★ ◆ ◘ ◔ ◘ ⊙ ⊙ ◢ ◈ ♦ ◢ ○ ☆ ◔ ※ ÷ Λ ♦ ◔ ※ ■ ★ + T □ ☆ ◔ ◢ S Ж ○ ● ▮ → □ ¦ ◆ ↙
☆ ◔ ◢ ▮ ▮ □ × ∩ ★ ※ ▮ ▲ ∩ Λ ÷ ▲ ◈ ▮ ∩ ≡ ☆ ○ ↙ → ♦ □ ♥ ○ ♥ ★ ※ ♥ Z ◢ Λ → □ ▲ + ◔ □ Λ ◆ ▮ ■ ◢ ※ ∩ ◔ ◆ ◢ ö □ ⊙ ⊙ ö ● ↙ Z ◔ ↙ ◢ ★ ÷ ◘ T ⊙ ◈ ↙ ○ ö ○ ⊙ ↙ ◔ ¦ ◢
Λ ▲ ● ★ S ◈ ※ ♥ Ж ▮ ★ ◔ S × + ◔ → ↙ ö ◔ ※ ✔ ☆ ∩ Λ ◘ ✔ ○ T ö ∩ Z □ + ÷ S ● □ S ¦ ※ ◢ ◈ ■ Λ ¦ ö ≡ → ≡ Ж ↙ ö → → ◈ □ ◘ ö ∩ ※ Ж + ● ∩ ≡ □ ≡ ♥ ¦ ※ ◈ ↙ □ ↙ Ж ◆
÷ ✔ ⊙ ◆ ▮ Ж S ∩ ☆ Z ○ ◔ + ↙ T ◈ Λ ◈ ö T ※ ◈ ▲ ≡ Z ¦ ♦ ♦ ↙ ♦ ∩ ö × ÷ Z ※ ≡ ◘ ◢ ■ + × ○ ♥ ∩ □ ◈ ♥ ♥ ▮ T ※ ◈ ■ ≡ ☆ ● ◆ ⊙ ※ ♥ ÷ ÷ ★ T + ■ × Λ ☆ ∩ ◘ Z ◆ → ▲ Λ
◔ ◘ ¦ ∩ ◔ ※ ※ S ö ≡ ÷ ◢ × ◆ ◢ ♦ ⊙ T ↙ ● ◘ ※ ⊙ ● ◘ ♥ × ◈ ※ ◆ ♥ ÷ ◆ ⊙ T ≡ ∩ ★ Ж ▮ ☆ Λ ◈ ◘ ◆ ⊙ ★ × ◈ ◆ Z ↙ ■ ⊙ Λ Z ♦ ★ ¦ ◘ Ж ● ♦ ◘ ■ ≡ ♦ ▲ ≡ ◈ ◔ ○ ÷ ∩ ★ ☆ ♥
⊙ → Λ □ ★ ◢ ■ ÷ + ★ □ ∩ S Ж → ■ ö ◔ T T ⊙ ☆ ◔ ≡ Ж ★ Ж ♥ Z × ※ ○ ▲ ÷ × ● ▲ ⊙ T ☆ S ● ☆ ○ ▮ ö Z ≡ Z + ◈ S ♦ ≡ ♦ ◢ ※ ö ♥ ※ Z ◆ ö Z ≡ ★ ☆ ⊙ ↙ ○ ▮ ♥ ◢ S ÷ ◈ T
✔ □ ★ ■ □ ∩ ○ ▲ ≡ ♦ ▮ Ж ◢ □ □ Λ ● ※ ◘ □ Z × ★ + S Z ✔ → ÷ ¦ ≡ + ■ S ◢ ↙ ≡ ↙ ◈ Λ × ♦ + ♥ Ж S ¦ ⊙ ♥ ≡ Ж + → ◈ ▲ ↙ T ∩ ▮ ♥ → → ÷ ◘ ★ ♥ ▮ ÷ ☆ ◘ + ★ ■ ◈ S + ▲
Z ◈ T ✔ ≡ Z T T ◔ ⊙ ○ ♦ ö ♥ ▲ ◘ ◆ ✔ ● ♦ Ж → ÷ ↙ ≡ ▲ S ▮ ¦ S + ¦ □ Λ ö ⊙ ◘ ◈ ÷ ▮ × ★ ✔ ⊙ ◆ ◢ ∩ ● ⊙ ○ ◆ ◈ + ◈ ÷ ◔ ★ ◔ ○ ✔ ● ● ∩ × T × ↙ S ✔ ★ ✔ ◢ T ▮ ♦ ∩ ♥
→ ★ ● ▲ ◘ ※ ✔ Ж ※ ¦ ◆ T ⊙ ◢ + + + ◈ ◔ □ ◈ + T ö ● □ ● ¦ ◘ ✔ × ≡ ◘ ◘ ⊙ ¦ + ≡ ♦ ≡ ▲ ∩ ≡ ♦ ◆ ö S ○ ※ ¦ ◔ ö ≡ ↙ S → ◢ ♥ ö S ◘ + → ◆ ▲ ⊙ ▮ ≡ ¦ → + □ ÷ ※ ● ◔ ◢
¦ ☆ ♦ S T ▲ → ⊙ ● ≡ + ✔ + ∩ ≡ ÷ ◈ ⊙ ¦ ■ ♥ S ↙ Λ ¦ ◔ ÷ ◈ ⊙ ☆ ※ ⊙ Z S ◢ Z × ÷ ◘ ∩ S ※ ∩ Λ ö → S ▲ ♥ + ö ※ T → ♦ ÷ Z ✔ ≡ ♦ ● Ж ö ≡ ♦ ◈ ≡ ▮ ◘ ◆ ◢ ◘ ▮ × → ▲ ○
■ × ♦ ♥ Λ ▮ ♦ Λ ≡ ◔ Λ □ ◆ Z ★ S + ■ → ♥ ▲ × ◘ ◔ ※ Λ ö ◢ ▮ ☆ ÷ ¦ ▲ ö ◔ ■ → ▲ ♦ ♥ ◘ ◔ ◘ ◆ ♦ Ж → ✔ ⊙ ♦ Z ■ S ◢ ◔ + ¦ × ⊙ ♦ Ж ◈ T ⊙ ÷ ■ ※ → ♥ ▲ ♥ ▲ ≡ + S ↙ ★
S ◔ ◔ ■ ◢ ♥ Ж ♦ Λ ♥ ∩ ≡ ☆ ◔ ÷ ♥ ◆ ◔ ★ ○ ∩ T × ■ Ж □ Ж ✔ ◔ ● ◢ Λ ≡ ▮ ↙ ↙ ✔ → ÷ ö ★ + ◢ ■ ∩ ◆ ¦ ⊙ ◔ + ★ → ▲ ∩ ■ ¦ ∩ × ■ ⊙ Ж → □ □ → ö ♦ → ♥ ♥ ◈ ♦ ♦ Z ¦ ö ◘
× ↙ × T ○ ◈ ◈ ■ → ¦ ♥ Ж ♥ ♥ ◢ ↙ ◢ Ж ※ ⊙ ○ + ♦ ◔ ⊙ ÷ ◈ Λ + ¦ ◈ ö ◘ ▮ Λ ≡ ∩ Ж ö ♦ ◈ ★ → ◢ ▲ ⊙ Z ◆ ◈ ¦ ▲ ≡ ※ ♥ ↙ ○ ☆ → T Λ Z ö Λ ↙ ★ ◆ ▲ ◢ ♥ ▲ ÷ ● Z ✔ ○ ◢ ≡
☆ ◔ ⊙ Z ¦ ▲ □ ◆ ● ÷ □ ◆ ◘ → ÷ ÷ ⊙ ↙ ● Ж ◘ ◔ ≡ ● Λ ◈ ⊙ ▲ ○ ✔ ☆ ※ ▲ ● □ + ■ ✔ × ÷ ◘ S ▮ Ж ○ ✔ ◈ ◢ ◔ ♦ Z ○ → ♦ ▲ ✔ □ ▲ ♥ ÷ ◆ + ♦ ◆ ◔ □ ☆ ¦ ¦ ■ ♥ ◈ ▮ ◆ ◆ ★ ≡
◢ + T ≡ ö ♥ Ж Z T ↙ ★ ♥ ÷ ○ Λ Z ✔ ◆ Λ ★ ■ ¦ □ ☆ ■ ↙ + ◔ ⊙ Λ S + ◘ ¦ Z ✔ ÷ ○ ☆ ♥ ◔ ○ ↙ ¦ □ ÷ → Z ★ ■ S ♥ ◔ ◔ ★ ◈ ◢ ◢ Ж ♦ ö ♦ ◈ Ж ◆ ♥ ● ◔ ≡ ★ → ¦ ↙ ↙ ÷ ◘ ✔
× ▮ ≡ ☆ ■ ✔ ☆ ♦ + ✔ ○ ¦ ▲ × Λ ◈ + ⊙ ▲ ♦ × ◈ Ж ◢ ¦ ※ ≡ ○ ▮ ∩ □ ◈ ♥ ※ ¦ × + Λ × ¦ ★ ↙ ↙ ◆ ◘ ✔ ✔ ≡ ☆ T ≡ ★ ♦ ♥ → ◢ ▮ ● ◈ ↙ Ж ◢ T ⊙ ★ T ♥ Λ ◘ Z → ♦ ◘ ◘ ◢ ◈ ↙
✔ □ ↙ ◘ ≡ ÷ ▲ Λ ◢ ◢ ♥ ◔ ¦ ※ S ▲ ○ ✔ × T → ◈ Z ◢ ※ Z S ■ ♦ ◢ ♦ ✔ ☆ ▲ ◆ ⊙ ♥ ✔ ▲ ◔ ÷ Λ ≡ ▲ ★ ※ ★ × × ♦ ※ ◈ × ✔ ✔ ◘ T ▮ ▮ ≡ × ★ ◈ ◔ + ◔ ★ T Λ → ☆ ◔ × ♥ ◆ T ○
◢ ♥ ◢ ○ ◆ ↙ ◢ ● S ≡ ↙ ○ Ж ■ ♥ → ○ ※ + ☆ ¦ → ◢ ※ ÷ ※ ♦ ¦ ▮ ▲ S ö S → ♥ ▲ Z → × ↙ ♦ ÷ ◔ ¦ ↙ ⊙ S + ◆ ■ ⊙ Λ ▲ ◆ ◔ ▲ ⊙ □ ♥ ♦ Z T ◆ + Λ ¦ ¦ ● ▲ Λ ◘ Λ □ ö T Ж ▮
Z ¦ ✔ ♥ T S ≡ ▮ ▲ ↙ ♦ Λ + Λ ※ □ ○ ∩ ⊙ ☆ ◢ ★ ▲ Ж × → ◈ × ↙ ◘ → Z ● ö ★ ○ ◘ ◔ ♦ ◈ □ Z ≡ ※ ∩ ◘ ◆ + ◘ ¦ → ↙ ◢ ✔ ¦ ♥ ▲ + ● ↙ ↙ ★ ◘ ⊙ Ж ※ ≡ ✔ ○ ■ Ж ※ ♦ ♦ ö ↙ ▮
⊙ ◔ Λ × ∩ ● ◈ ≡ ◔ ↙ T ∩ ◆ ※ ö × ¦ Z ↙ ¦ ⊙ ♥ ♦ Z ✔ ö ○ ● ◆ ◢ ○ ◔ S ※ ◘ ≡ ■ ◔ ◢ × + ◢ Λ ▮ ◈ ◢ ■ ÷ ▲ Λ ■ ÷ Ж ○ ∩ → ◆ ◔ ◘ ★ ※ + ◈ ↙ ⊙ Ж ◔ ※ ↙ ♥ ♥ ◢ → ÷ ◆ ✔ ○
◔ ≡ ▮ ♥ + Z ○ Λ ÷ ◢ × ∩ + T ♥ ÷ + → ▲ ● ↙ + ◈ ö ÷ ♦ Ж □ ♦ ※ ※ ✔ □ ✔ S × ö ¦ ○ ● ▮ ◆ ≡ ◔ □ ◈ ● ∩ ▮ ≡ ◔ ◘ Λ ✔ Λ ♥ ▲ ■ ☆ ◈ ö ↙ T ⊙ ▮ Z ◢ ◔ ≡ ☆ × ◆ + S ⊙ Z ☆
◆ ▲ ⊙ ♦ ⊙ ■ Ж ■ ★ ∩ → ◢ S □ ö ◆ ⊙ ▮ ◢ ≡ Λ ◔ ※ × ö ○ ○ □ ☆ Z ▮ ◢ ↙ ※ ※ ▲ Λ + ♥ ● ∩ Ж ★ S ✔ ⊙ ⊙ ö ◔ → ⊙ ※ ● ○ Λ ¦ ☆ S ◢ ★ ÷ ■ T ▲ → ≡ ♥ ◘ ⊙ ◘ ✔ ↙ ◔ ✔ Ж ◈ ∩
⊙ Ж ■ S ⊙ Ж ● ▲ ö ¦ S ◢ ö ● ♦ □ + ◘ ☆ ¦ ○ ≡ ▲ → ∩ ◆ ◆ ≡ ♦ ■ ☆ T ○ Ж S ⊙ ☆ ÷ ♥ Z ☆ → + ♥ ¦ ¦ → ≡ ✔ ▲ ▲ ≡ ※ Ж Ж ◢ ◔ ö ♥ □ Ж ¦ → Z ▲ → Λ ■ Z ♥ ≡ ¦ ♥ ¦ ☆ × T
◆ S ◘ ◔ Z S ● + ※ ※ ■ ✔ ◘ ⊙ T ≡ ≡ ▮ ö ♦ ¦ + ≡ ○ ○ ▮ ☆ ◈ T ◆ → ○ ♦ ∩ ▮ ⊙ + ※ ≡ ∩ ☆ Λ T ○ □ ☆ ▲ → → ▮ ◆ □ ▲ ▲ ◢ ● × ↙ ≡ ◘ ⊙ ö ◘ T ■ × ★ ∩ ■ ◢ ⊙ ◢ ☆ ◈ ▮ → ☆
♥ ◆ ○ ¦ ◔ ⊙ S ▮ ☆ ▲ ∩ ■ ≡ ▮ Z ◆ + ○ ◆ ≡ ♦ ⊙ ■ ≡ ※ ¦ ♥ → ♦ ◘ ◆ ◈ □ ◢ ○ ★ ▮ T ÷ ○ + Ж ✔ ◈ ※ ◈ □ ▮ ※ S ∩ ※ ♥ ∩ Z ◘ ■ ⊙ Z ※ ♥ ✔ ◈ ♥ ∩ ö ↙ ◈ ★ ▮ S ⊙ ⊙ ✔ ◆ ◈ Ж
Z Ж ◔ Ж ◔ ∩ ∩ ⊙ ∩ ◘ Λ Λ ◘ ∩ ♥ × ö Ж T Z ÷ ▮ ⊙ ✔ ↙ ö ○ ◆ ✔ ◘ ö ▮ T ※ ◆ ▮ ÷ ○ ○ ◆ ★ ◢ ÷ ● ◆ ≡ ÷ □ T □ ■ Ж ▮ □ ★ ◘ ∩ ≡ ♥ ◘ ● → + ● ■ × ↙ ▲ ÷ Z S → ∩ ○ ● ↙ ♦
Λ × ¦ ● ◆ ↙ ♥ Ж ✔ + ▲ ✔ Λ ♦ T ♦ ◆ T ö ✔ → ◔ ▲ ◘ ▲ ¦ ★ ∩ ◘ ◈ ◘ ✔ ¦ → ≡ ▮ ↙ ♥ ☆ ※ □ ▲ Λ ◔ + ● ○ ∩ ● → ♦ ∩ ✔ × ⊙ ö ◘ ○ ÷ ○ T ★ ö ↙ ♥ Ж ▮ Z ÷ ◘ ✔ ◆ T ♥ ♦ ✔ ◘
♦ ▲ ↙ Ж ♥ ▮ Ж Λ ▮ Ж ★ ○ ○ ö ▲ ◆ ≡ S ÷ ◢ ※ ≡ + Λ ÷ ◔ □ Z ▮ ◆ ↙ ♥ ✔ ▲ ● ♥ × ¦ ↙ ○ ⊙ Ж Z ¦ ÷ ※ Ж ◘ ※ ◔ ▮ T ♥ □ ö ◘ ◆ ※ S ↙ Z ♦ ≡ ⊙ ○ ■ ○ ¦ ◈ T ♦ × ◆ ◆ ÷ ö ✔
Z ♦ Z ♥ ♥ ◘ ◆ ○ Ж ☆ ☆ ¦ ✔ ♦ ✔ S ※ → ■ ☆ Ж ◢ ÷ ¦ × ¦ ÷ ■ ∩ Λ × ◈ ■ ≡ ◘ ◢ ♦ ▮ ◈ ⊙ ◔ ◆ ▲ ≡ Λ T ▲ ∩ Λ ◆ S ☆ ▮ S ✔ ↙ ☆ ¦ Z ☆ S ▲ ○ Ж ○ Ж ✔ Λ ö ÷ ÷ ○ → Z □ ○ ▮
Z ≡ ¦ S ○ ★ ÷ ∩ ○ ▮ ※ ÷ ※ ☆ T Z ö → Ж ♥ → ○ ☆ ∩ ○ ♦ ● ↙ ¦ ö ⊙ ◆ + ◘ ⊙ ö ◢ ö ♦ ◔ ◆ ≡ ≡ ≡ □ ↙ ▲ ♥ ♦ ↙ S ○ ↙ Λ ÷ ↙ ♦ ≡ ☆ ■ Λ Ж ÷ ◘ → + + ■ ∩ → ∩ ¦ ✔ ◈ ¦ ■ ✔
◈ ¦ × ● ÷ ⊙ ÷ S ¦ ◢ ◢ ■ ■ ≡ ● ≡ ♦ S Ж ◈ ■ ◔ ★ ÷ ▲ S ● ○ Λ ※ ¦ ◘ □ Λ Z ☆ ◘ × Ж □ ö ♦ ◢ ⊙ ∩ ★ ö S ✔ T S + ≡ ▲ ✔ ↙ Z Ж ★ T ◘ ● ö ⊙ ♦ S T ↙ ◔ Λ ☆ S ○ Z → ◢ ≡
Z ◆ × ✔ ● ✔ ÷ ÷ ⊙ ⊙ ♦ ★ ○ T ○ ∩ ☆ ★ ∩ □ T → ¦ ↙ S ↙ × ◆ ▲ ☆ ≡ ↙ + ★ ∩ ☆ Λ S ■ T ● ≡ ○ ♥ Λ ∩ ※ ☆ □ T S ※ □ ○ ● + ✔ Λ ✔ × ◆ Ж ö → ● ♦ ☆ Ж T ◢ ▲ S Ж ♦ ☆ ◔ ▲
☆ Z ★ ✔ ※ ● Λ ≡ + ☆ × ¦ S ♦ Ж ö T Z Λ ※ ¦ + ◈ ↙ ÷ ≡ + ÷ ★ ◈ ♥ ■ Ж Z ○ ♦ ◘ ◈ ○ ★ ö Z ✔ ◈ ◈ ◈ ◆ ✔ □ ÷ Λ ※ × ◆ ○ ÷ ¦ ◘ ⊙ ◘ + ■ ⊙ ◘ Z + ▲ ※ ♦ × ○ ▲ ∩ ■ ∩ ☆ ◢
◔ ≡ ◈ ö ※ ⊙ + ↙ ↙ ☆ × Λ Z ö ▲ T × ◢ → Ж ¦ ¦ S S ● ↙ ⊙ ◈ Ж ↙ ◈ ■ T × ≡ ※ ¦ ◆ ☆ ▮ ★ ※ ◘ ■ ◈ ◔ ★ ✔ Z ▮ ◔ ◘ ■ ★ ⊙ ☆ ● ÷ ◔ ▲ ö □ ⊙ ▲ × ≡ □ ☆ ✔ ★ ■ ♦ ※ ◘ ◔ ÷ Ж
◢ Z ↙ Λ ö ⊙ Z ö × T ☆ T ↙ + ♦ ✔ ♥ ※ ☆ ÷ ↙ ※ ♥ ⊙ ö Ж ● → ● Λ ◔ ▮ × ÷ ◢ ▲ ▲ ✔ ↙ ÷ ☆ S ⊙ Λ Λ ◢ Ж ∩ ö ✔ ※ Ж ▮ ◆ ✔ ∩ ö ∩ ☆ ♦ ÷ ▲ □ → ★ ◢ ↙ Z ▮ T S T ■ ☆ Ж ↙ ♦
◔ □ ö ⊙ ※ ♦ ¦ ◈ ◢ □ T ∩ ♥ Λ □ ÷ Ж ◈ ☆ T ◈ ● ⊙ ■ × Λ ▲ Ж ↙ ※ ◆ ↙ S ✔ ※ Z ♥ ○ ↙ ¦ → T T □ ö ※ ♥ □ ◢ ◢ T + Λ ∩ □ ◢ ★ ÷ ◆ Ж Ж ◘ ≡ Z × ♥ ♥ T ○ ÷ ¦ Z ● ◈ → → ♦
■ ö ◆ ◆ + ♦ ö ◢ ◆ ◘ □ ▮ ◢ ♥ ♥ → ※ ▮ ♥ ♦ ✔ ö ∩ ♦ S ¦ ◈ ▮ ▲ Λ □ ♦ ☆ Ж Z ♦ □ ↙ ✔ ◈ ∩ ↙ ◈ S ¦ ∩ × ö ¦ ▮ ÷ ◔ ♦ ö Ж × × ◆ ○ ★ T Ж ◈ ✔ ■ Ж Λ × ¦ ¦ ○ + ▮ S T ∩ ○
10
20
30
40
50
60
70
80
90
100
10	20	30	40	50	60	70
Page 1
